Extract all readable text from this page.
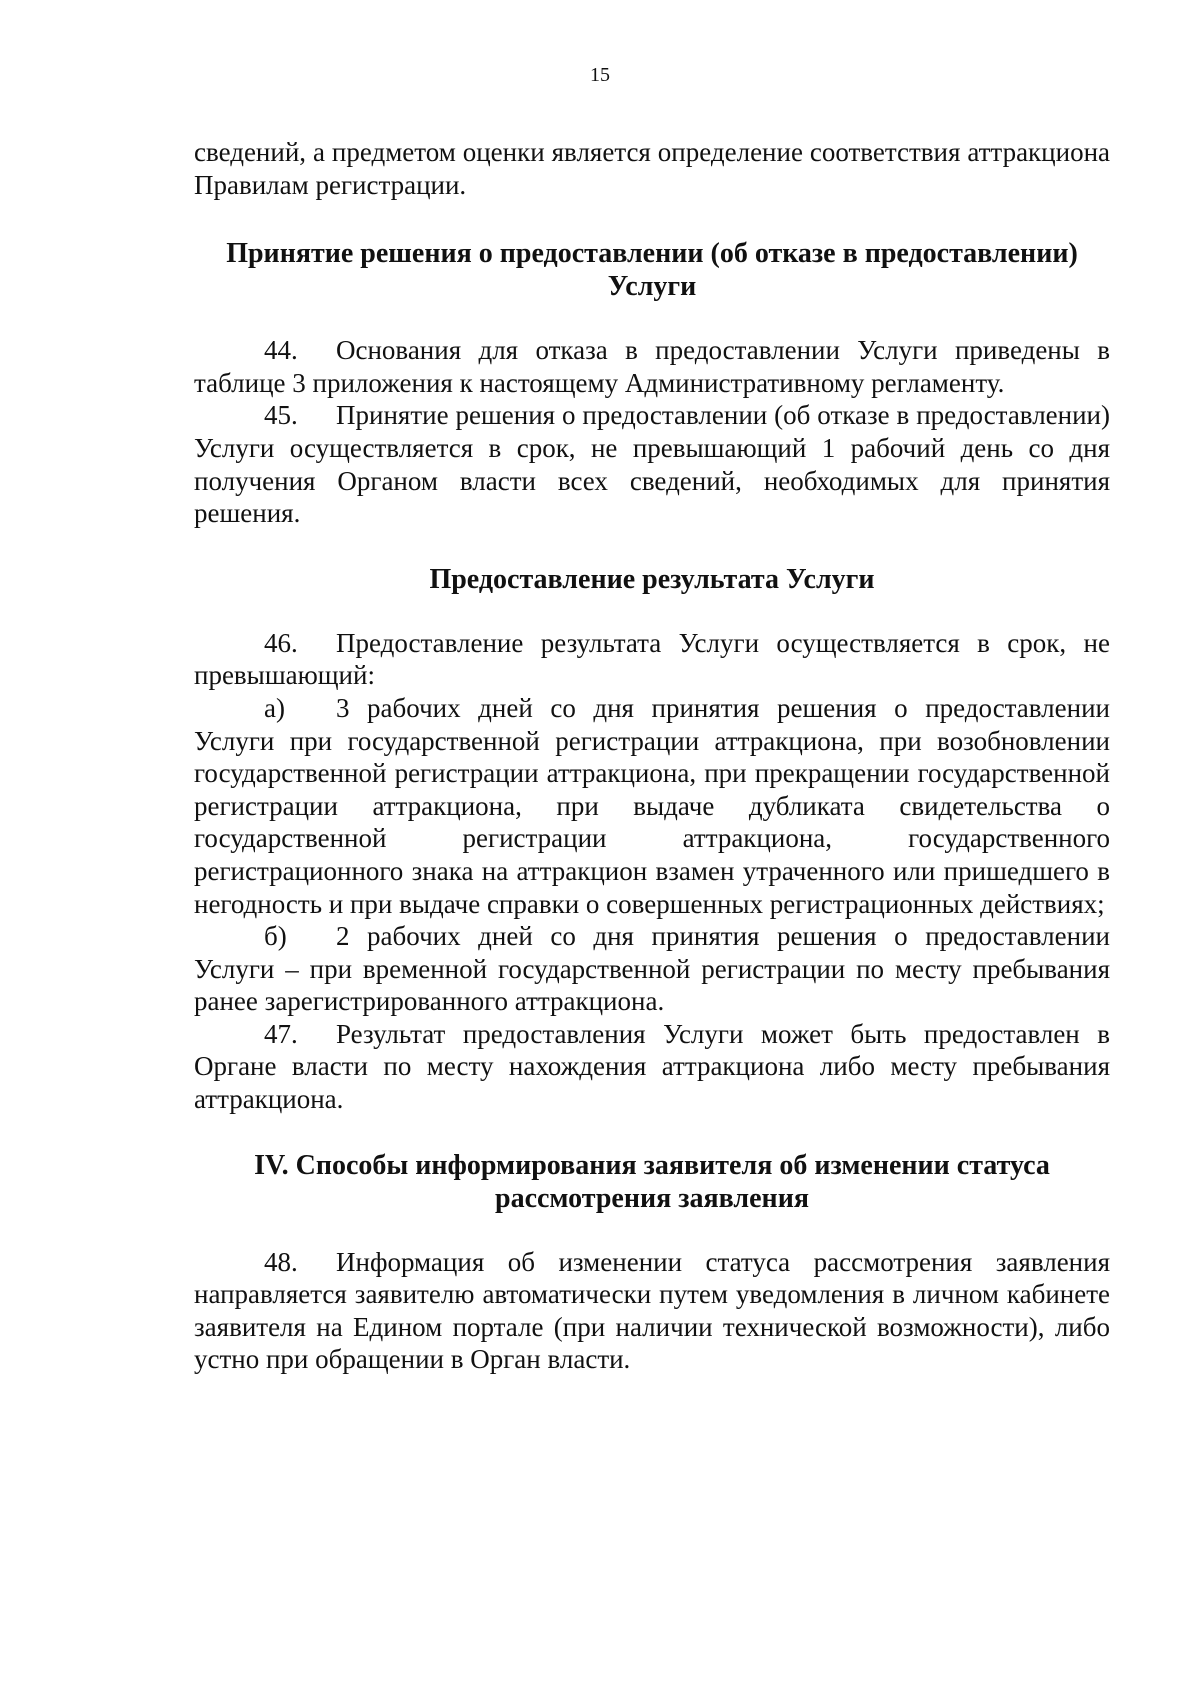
15

сведений, а предметом оценки является определение соответствия аттракциона Правилам регистрации.

Принятие решения о предоставлении (об отказе в предоставлении) Услуги

44. Основания для отказа в предоставлении Услуги приведены в таблице 3 приложения к настоящему Административному регламенту.

45. Принятие решения о предоставлении (об отказе в предоставлении) Услуги осуществляется в срок, не превышающий 1 рабочий день со дня получения Органом власти всех сведений, необходимых для принятия решения.

Предоставление результата Услуги

46. Предоставление результата Услуги осуществляется в срок, не превышающий:

а) 3 рабочих дней со дня принятия решения о предоставлении Услуги при государственной регистрации аттракциона, при возобновлении государственной регистрации аттракциона, при прекращении государственной регистрации аттракциона, при выдаче дубликата свидетельства о государственной регистрации аттракциона, государственного регистрационного знака на аттракцион взамен утраченного или пришедшего в негодность и при выдаче справки о совершенных регистрационных действиях;

б) 2 рабочих дней со дня принятия решения о предоставлении Услуги – при временной государственной регистрации по месту пребывания ранее зарегистрированного аттракциона.

47. Результат предоставления Услуги может быть предоставлен в Органе власти по месту нахождения аттракциона либо месту пребывания аттракциона.

IV. Способы информирования заявителя об изменении статуса рассмотрения заявления

48. Информация об изменении статуса рассмотрения заявления направляется заявителю автоматически путем уведомления в личном кабинете заявителя на Едином портале (при наличии технической возможности), либо устно при обращении в Орган власти.
